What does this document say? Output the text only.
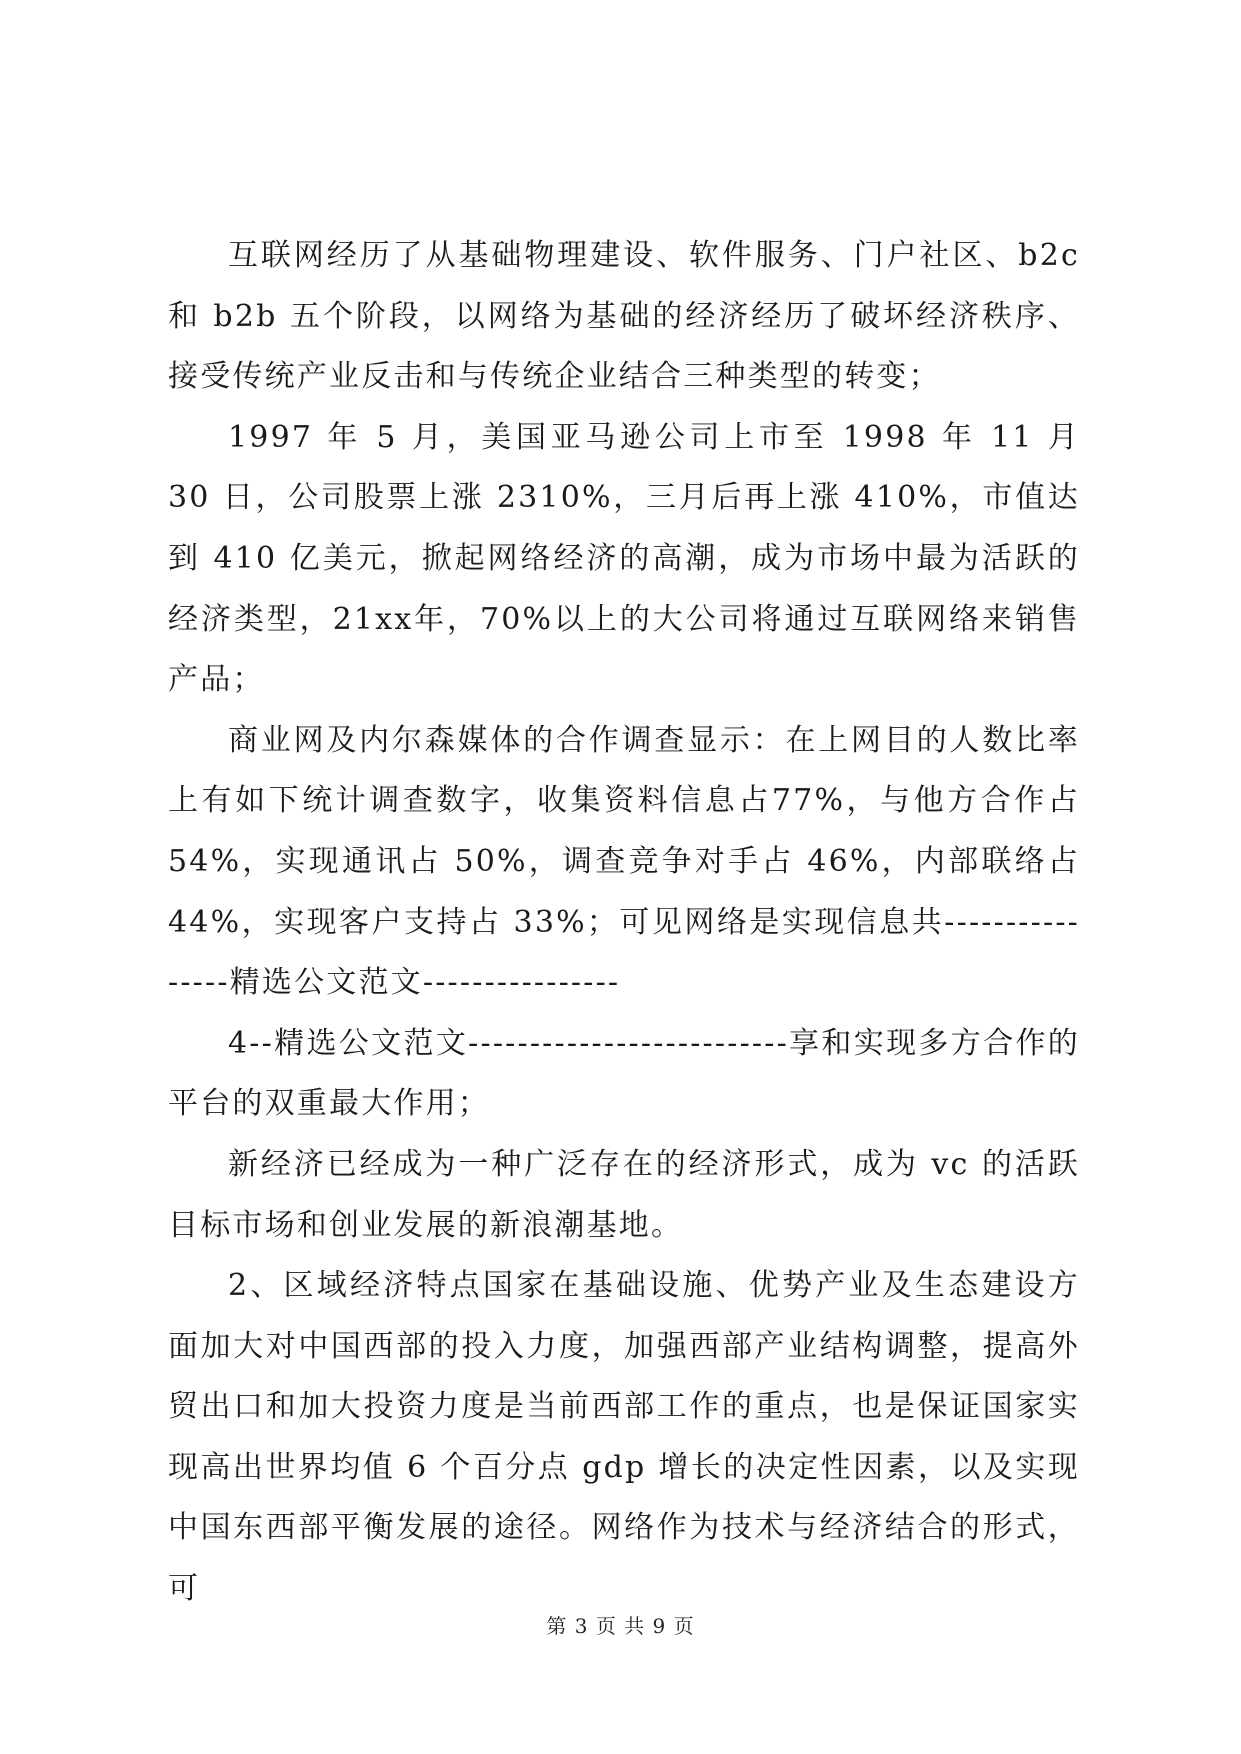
互联网经历了从基础物理建设、软件服务、门户社区、b2c和 b2b 五个阶段，以网络为基础的经济经历了破坏经济秩序、接受传统产业反击和与传统企业结合三种类型的转变；

1997 年 5 月，美国亚马逊公司上市至 1998 年 11 月 30 日，公司股票上涨 2310%，三月后再上涨 410%，市值达到 410 亿美元，掀起网络经济的高潮，成为市场中最为活跃的经济类型，21xx年，70%以上的大公司将通过互联网络来销售产品；

商业网及内尔森媒体的合作调查显示：在上网目的人数比率上有如下统计调查数字，收集资料信息占77%，与他方合作占54%，实现通讯占 50%，调查竞争对手占 46%，内部联络占 44%，实现客户支持占 33%；可见网络是实现信息共----------------精选公文范文----------------

4--精选公文范文--------------------------享和实现多方合作的平台的双重最大作用；

新经济已经成为一种广泛存在的经济形式，成为 vc 的活跃目标市场和创业发展的新浪潮基地。

2、区域经济特点国家在基础设施、优势产业及生态建设方面加大对中国西部的投入力度，加强西部产业结构调整，提高外贸出口和加大投资力度是当前西部工作的重点，也是保证国家实现高出世界均值 6 个百分点 gdp 增长的决定性因素，以及实现中国东西部平衡发展的途径。网络作为技术与经济结合的形式，可

第 3 页 共 9 页
